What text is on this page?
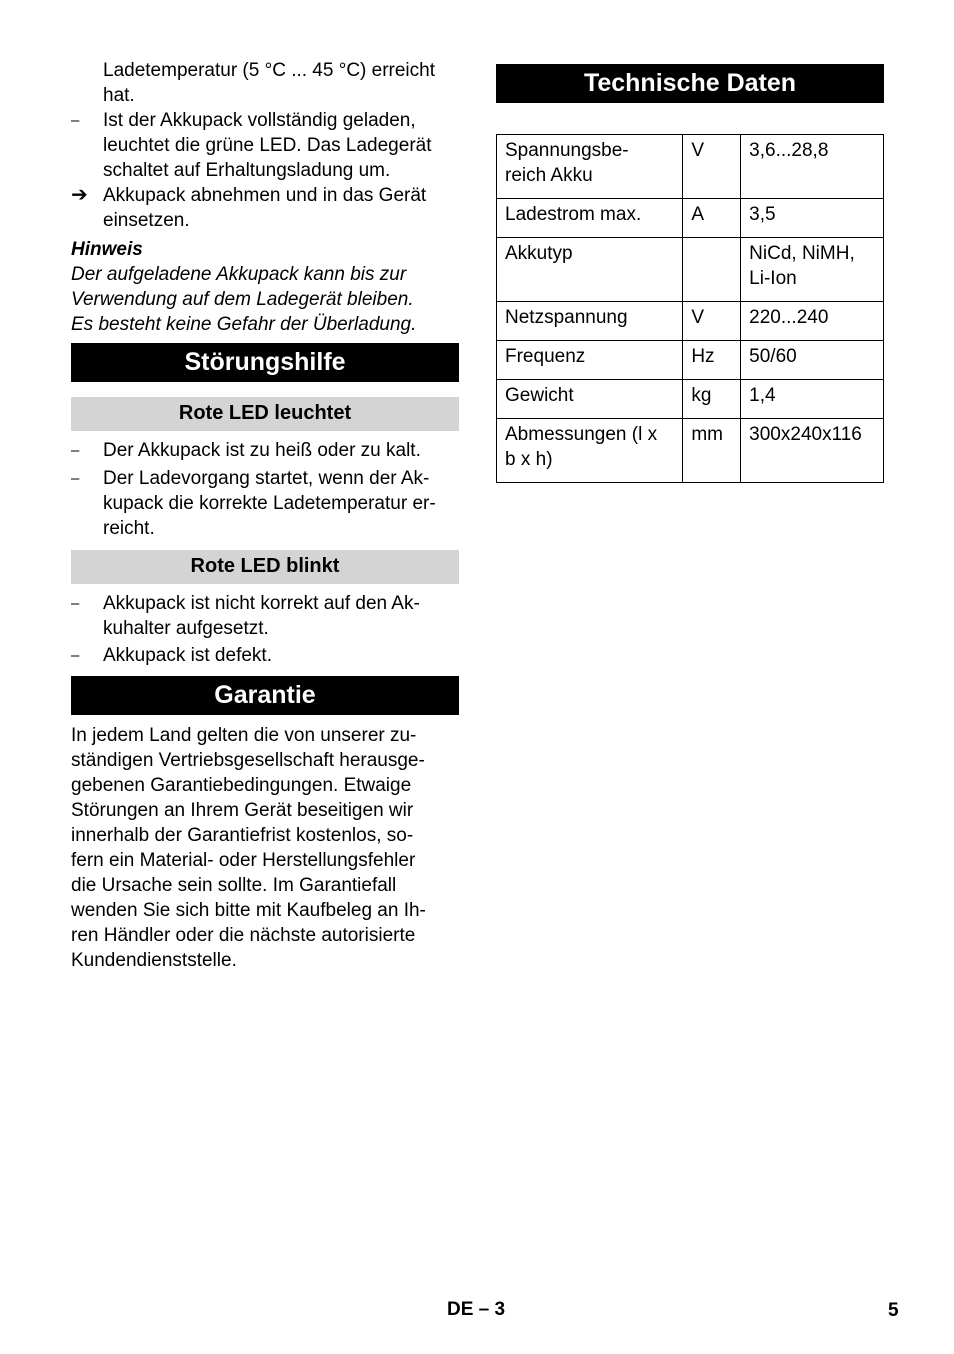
Ladetemperatur (5 °C ... 45 °C) erreicht
hat.
–	Ist der Akkupack vollständig geladen,
leuchtet die grüne LED. Das Ladegerät
schaltet auf Erhaltungsladung um.
➔ Akkupack abnehmen und in das Gerät
einsetzen.
Hinweis
Der aufgeladene Akkupack kann bis zur
Verwendung auf dem Ladegerät bleiben.
Es besteht keine Gefahr der Überladung.
Störungshilfe
Rote LED leuchtet
–	Der Akkupack ist zu heiß oder zu kalt.
–	Der Ladevorgang startet, wenn der Ak-
kupack die korrekte Ladetemperatur er-
reicht.
Rote LED blinkt
–	Akkupack ist nicht korrekt auf den Ak-
kuhalter aufgesetzt.
–	Akkupack ist defekt.
Garantie
In jedem Land gelten die von unserer zu-
ständigen Vertriebsgesellschaft herausge-
gebenen Garantiebedingungen. Etwaige
Störungen an Ihrem Gerät beseitigen wir
innerhalb der Garantiefrist kostenlos, so-
fern ein Material- oder Herstellungsfehler
die Ursache sein sollte. Im Garantiefall
wenden Sie sich bitte mit Kaufbeleg an Ih-
ren Händler oder die nächste autorisierte
Kundendienststelle.
Technische Daten
Spannungsbe-
reich Akku	V	3,6...28,8

Ladestrom max.	A	3,5

Akkutyp		NiCd, NiMH,
Li-Ion

Netzspannung	V	220...240

Frequenz	Hz	50/60

Gewicht	kg	1,4

Abmessungen (l x
b x h)	mm	300x240x116
DE – 3	5
